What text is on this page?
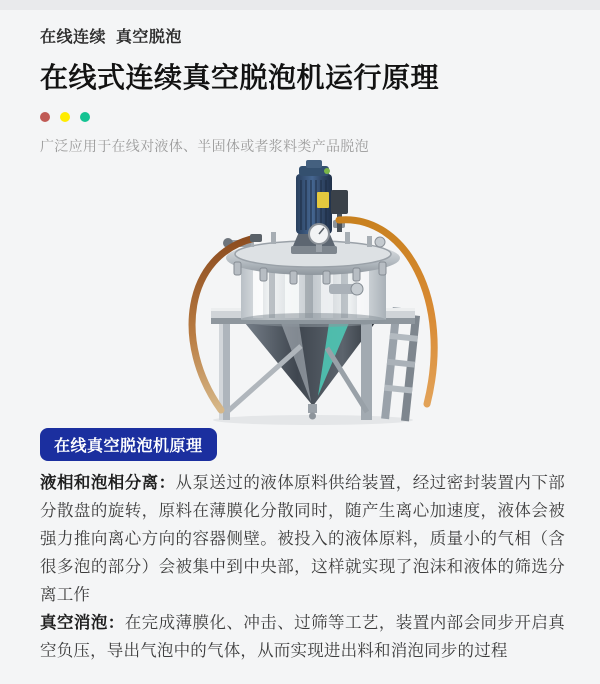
在线连续  真空脱泡
在线式连续真空脱泡机运行原理
广泛应用于在线对液体、半固体或者浆料类产品脱泡
在线真空脱泡机原理

液相和泡相分离：从泵送过的液体原料供给装置，经过密封装置内下部分散盘的旋转，原料在薄膜化分散同时，随产生离心加速度，液体会被强力推向离心方向的容器侧壁。被投入的液体原料，质量小的气相（含很多泡的部分）会被集中到中央部，这样就实现了泡沫和液体的筛选分离工作

真空消泡：在完成薄膜化、冲击、过筛等工艺，装置内部会同步开启真空负压，导出气泡中的气体，从而实现进出料和消泡同步的过程
